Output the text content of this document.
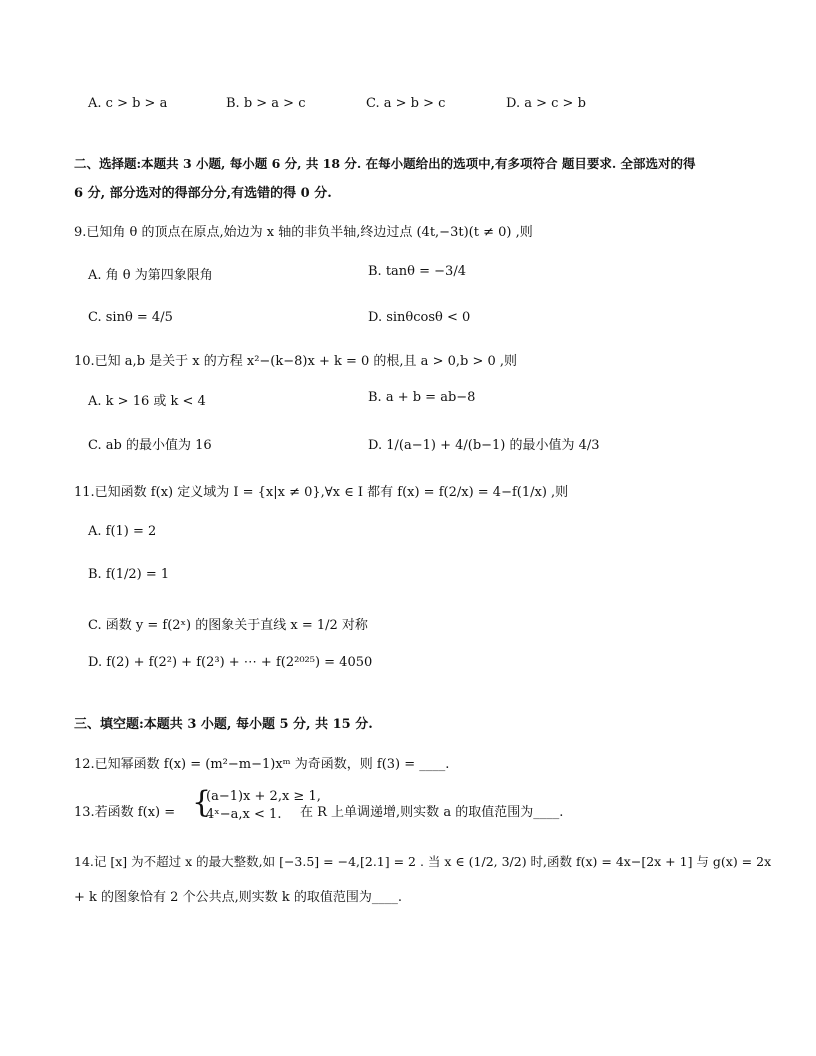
A. c > b > a	B. b > a > c	C. a > b > c	D. a > c > b
二、选择题:本题共 3 小题, 每小题 6 分, 共 18 分. 在每小题给出的选项中,有多项符合 题目要求. 全部选对的得
6 分, 部分选对的得部分分,有选错的得 0 分.
9.已知角 θ 的顶点在原点,始边为 x 轴的非负半轴,终边过点 (4t,−3t)(t ≠ 0) ,则
A. 角 θ 为第四象限角	B. tanθ = −3/4
C. sinθ = 4/5	D. sinθcosθ < 0
10.已知 a,b 是关于 x 的方程 x²−(k−8)x + k = 0 的根,且 a > 0,b > 0 ,则
A. k > 16 或 k < 4	B. a + b = ab−8
C. ab 的最小值为 16	D. 1/(a−1) + 4/(b−1) 的最小值为 4/3
11.已知函数 f(x) 定义域为 I = {x|x ≠ 0},∀x ∈ I 都有 f(x) = f(2/x) = 4−f(1/x) ,则
A. f(1) = 2
B. f(1/2) = 1
C. 函数 y = f(2ˣ) 的图象关于直线 x = 1/2 对称
D. f(2) + f(2²) + f(2³) + ⋯ + f(2²⁰²⁵) = 4050
三、填空题:本题共 3 小题, 每小题 5 分, 共 15 分.
12.已知幂函数 f(x) = (m²−m−1)xᵐ 为奇函数，则 f(3) = ____.
13.若函数 f(x) = {
(a−1)x + 2,x ≥ 1,
4ˣ−a,x < 1. 在 R 上单调递增,则实数 a 的取值范围为____.
14.记 [x] 为不超过 x 的最大整数,如 [−3.5] = −4,[2.1] = 2 . 当 x ∈ (1/2, 3/2) 时,函数 f(x) = 4x−[2x + 1] 与 g(x) = 2x
+ k 的图象恰有 2 个公共点,则实数 k 的取值范围为____.
